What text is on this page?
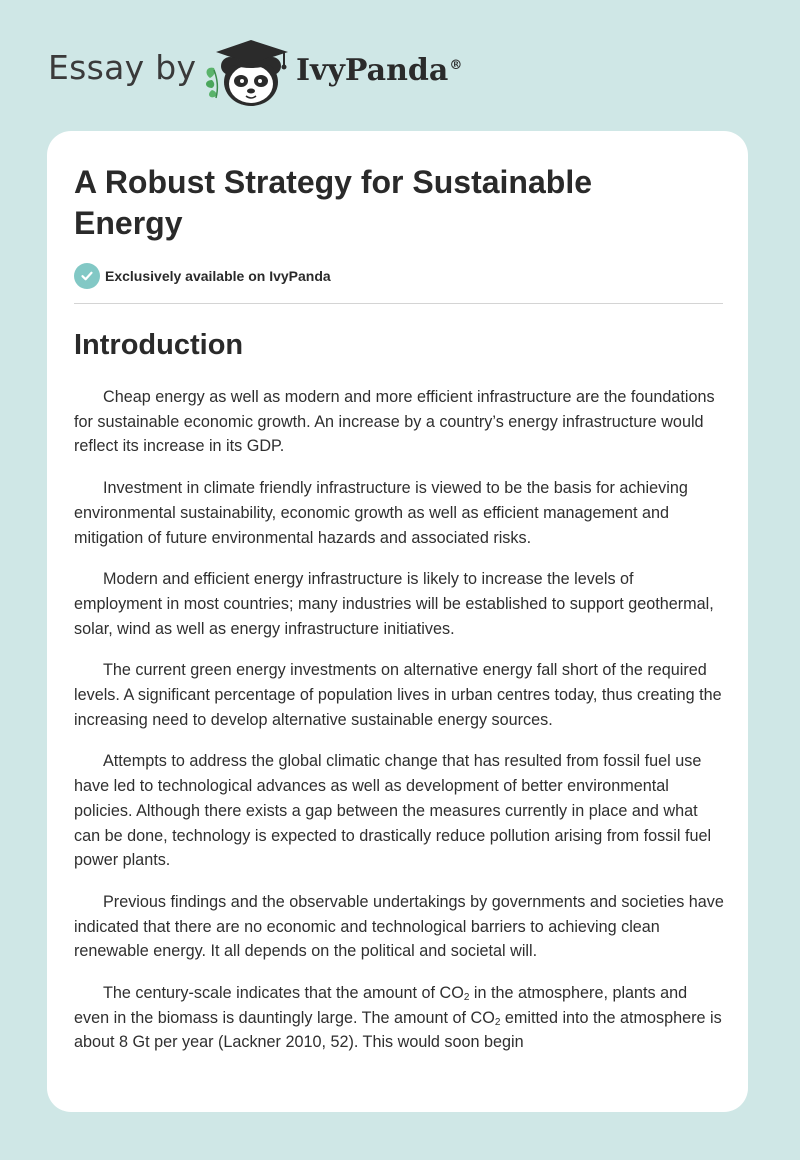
Essay by	IvyPanda®
A Robust Strategy for Sustainable Energy
Exclusively available on IvyPanda
Introduction

Cheap energy as well as modern and more efficient infrastructure are the foundations for sustainable economic growth. An increase by a country’s energy infrastructure would reflect its increase in its GDP.

Investment in climate friendly infrastructure is viewed to be the basis for achieving environmental sustainability, economic growth as well as efficient management and mitigation of future environmental hazards and associated risks.

Modern and efficient energy infrastructure is likely to increase the levels of employment in most countries; many industries will be established to support geothermal, solar, wind as well as energy infrastructure initiatives.

The current green energy investments on alternative energy fall short of the required levels. A significant percentage of population lives in urban centres today, thus creating the increasing need to develop alternative sustainable energy sources.

Attempts to address the global climatic change that has resulted from fossil fuel use have led to technological advances as well as development of better environmental policies. Although there exists a gap between the measures currently in place and what can be done, technology is expected to drastically reduce pollution arising from fossil fuel power plants.

Previous findings and the observable undertakings by governments and societies have indicated that there are no economic and technological barriers to achieving clean renewable energy. It all depends on the political and societal will.

The century-scale indicates that the amount of $CO_2$ in the atmosphere, plants and even in the biomass is dauntingly large. The amount of $CO_2$ emitted into the atmosphere is about 8 Gt per year (Lackner 2010, 52). This would soon begin
